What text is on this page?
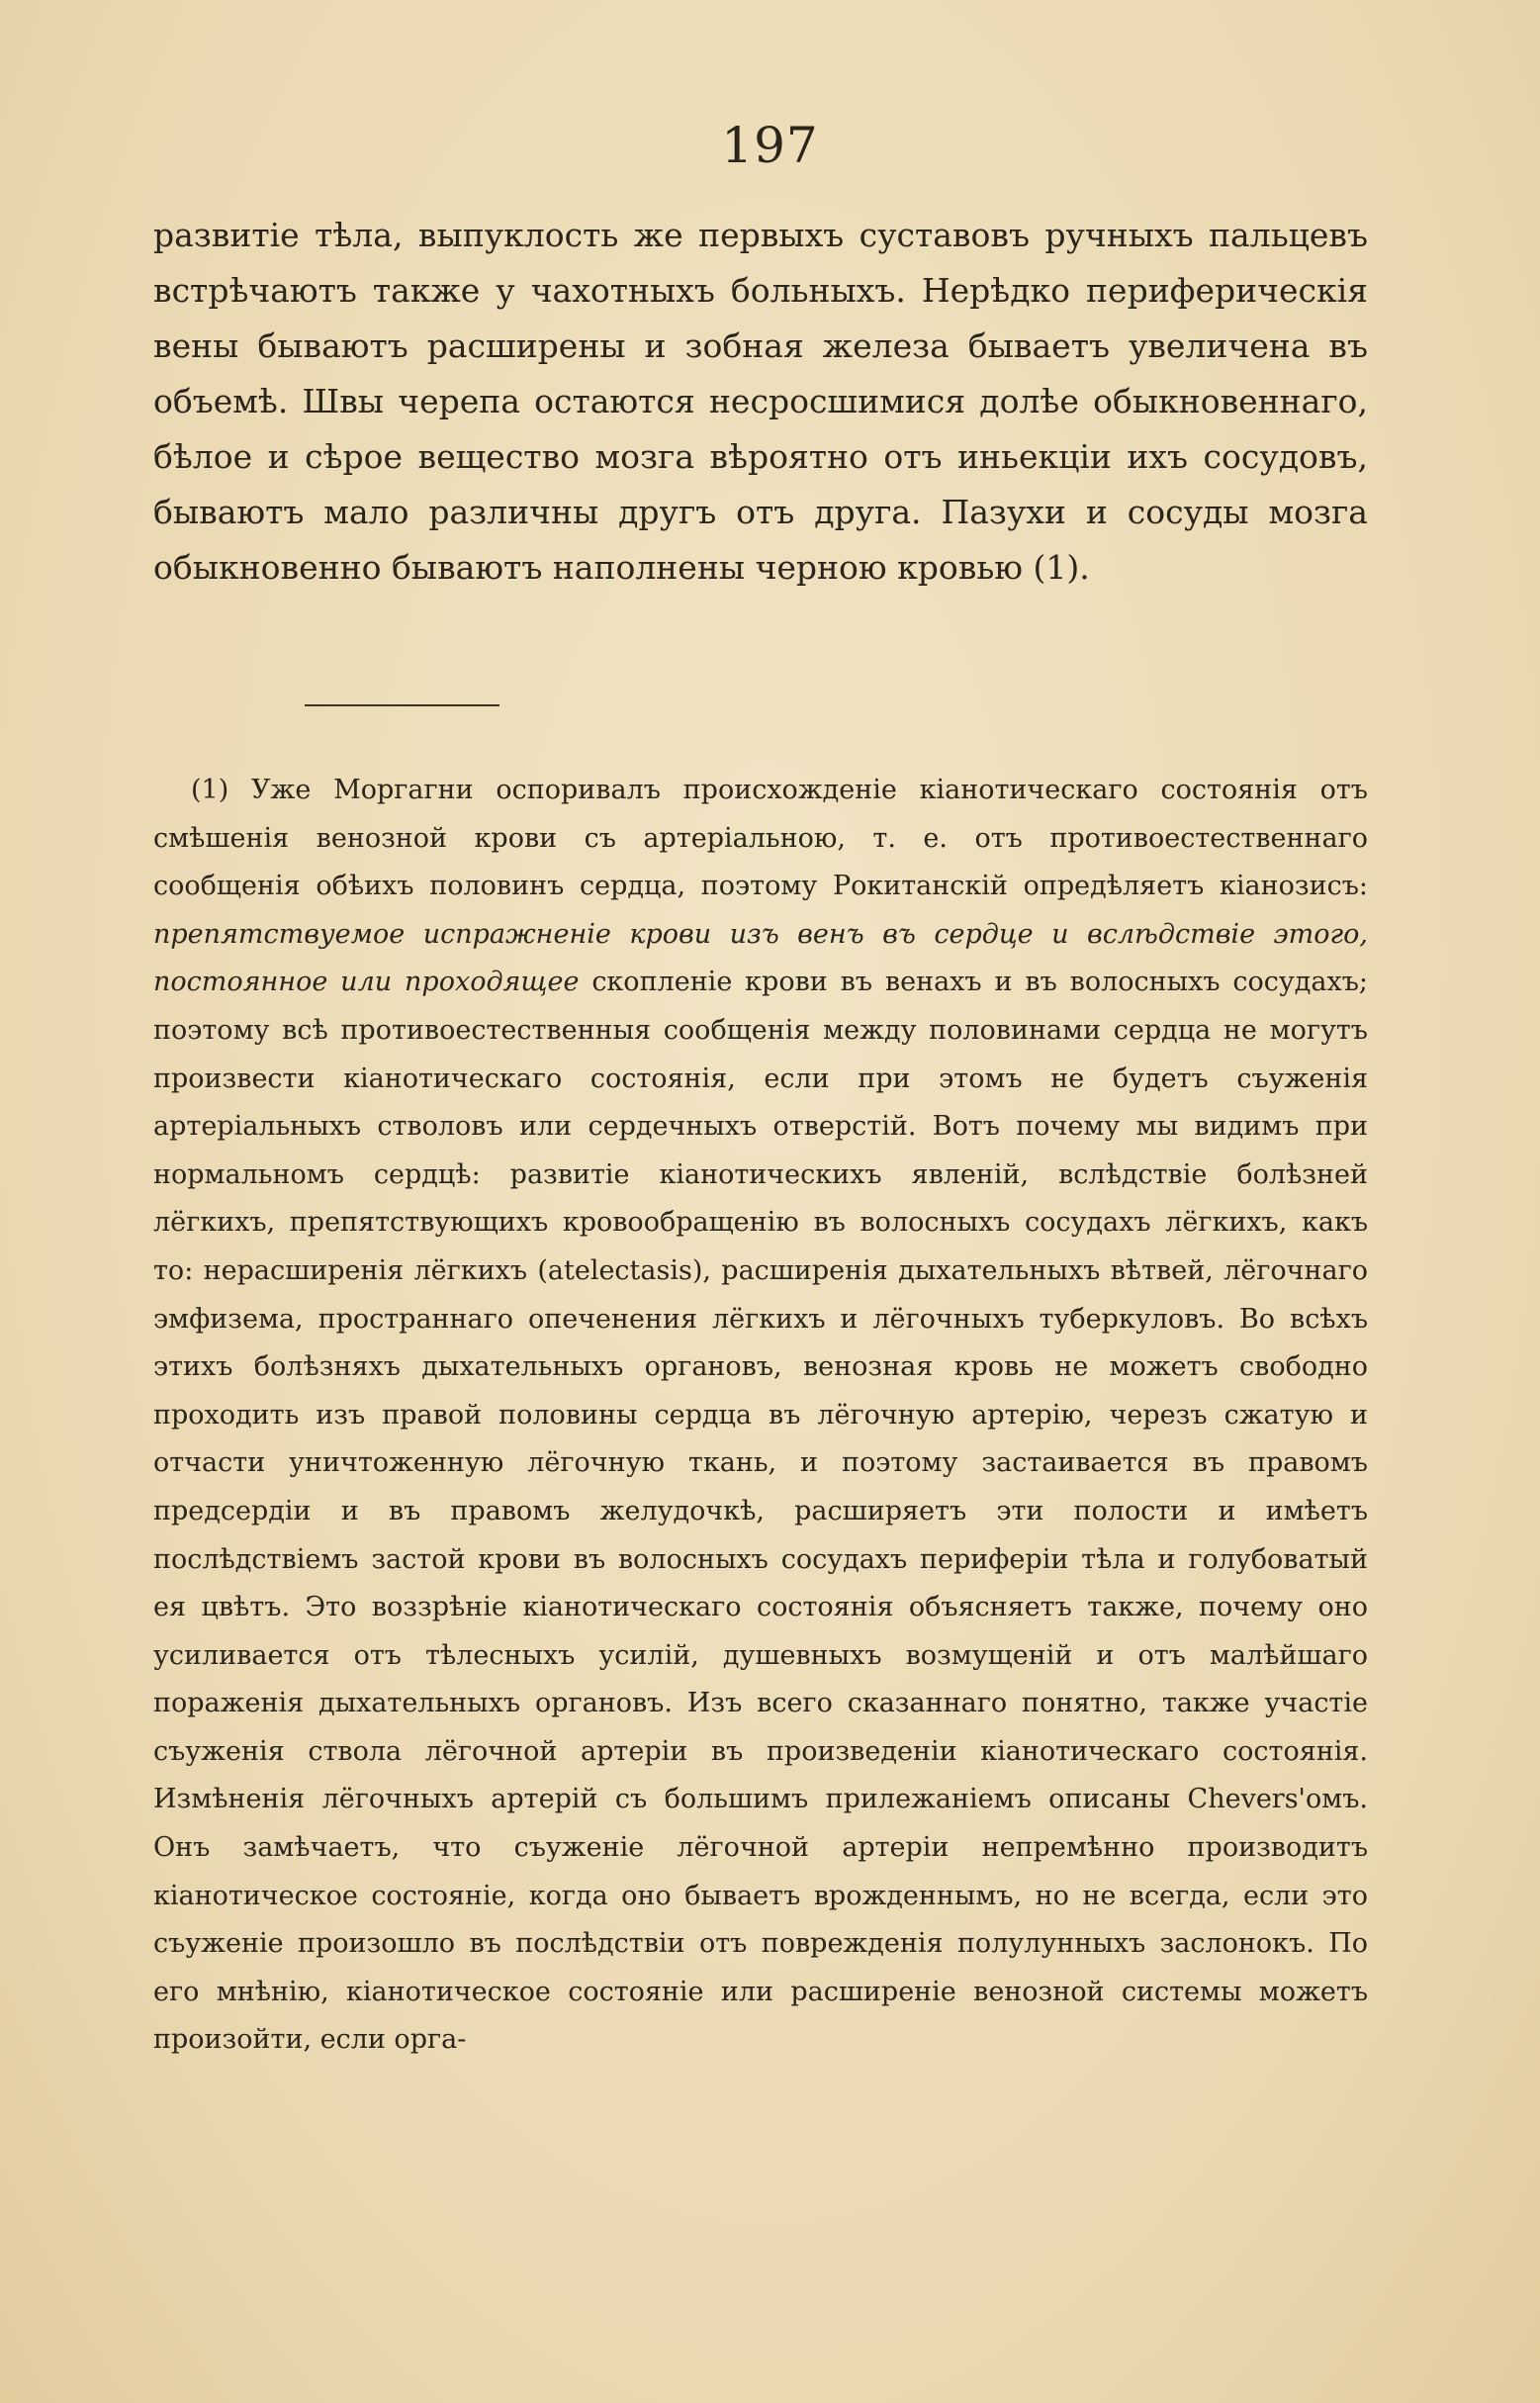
197

развитіе тѣла, выпуклость же первыхъ суставовъ ручныхъ пальцевъ встрѣчаютъ также у чахотныхъ больныхъ. Нерѣдко периферическія вены бываютъ расширены и зобная железа бываетъ увеличена въ объемѣ. Швы черепа остаются несросшимися долѣе обыкновеннаго, бѣлое и сѣрое вещество мозга вѣроятно отъ иньекціи ихъ сосудовъ, бываютъ мало различны другъ отъ друга. Пазухи и сосуды мозга обыкновенно бываютъ наполнены черною кровью (1).

(1) Уже Моргагни оспоривалъ происхожденіе кіанотическаго состоянія отъ смѣшенія венозной крови съ артеріальною, т. е. отъ противоестественнаго сообщенія обѣихъ половинъ сердца, поэтому Рокитанскій опредѣляетъ кіанозисъ: препятствуемое испражненіе крови изъ венъ въ сердце и вслѣдствіе этого, постоянное или проходящее скопленіе крови въ венахъ и въ волосныхъ сосудахъ; поэтому всѣ противоестественныя сообщенія между половинами сердца не могутъ произвести кіанотическаго состоянія, если при этомъ не будетъ съуженія артеріальныхъ стволовъ или сердечныхъ отверстій. Вотъ почему мы видимъ при нормальномъ сердцѣ: развитіе кіанотическихъ явленій, вслѣдствіе болѣзней лёгкихъ, препятствующихъ кровообращенію въ волосныхъ сосудахъ лёгкихъ, какъ то: нерасширенія лёгкихъ (atelectasis), расширенія дыхательныхъ вѣтвей, лёгочнаго эмфизема, пространнаго опеченения лёгкихъ и лёгочныхъ туберкуловъ. Во всѣхъ этихъ болѣзняхъ дыхательныхъ органовъ, венозная кровь не можетъ свободно проходить изъ правой половины сердца въ лёгочную артерію, черезъ сжатую и отчасти уничтоженную лёгочную ткань, и поэтому застаивается въ правомъ предсердіи и въ правомъ желудочкѣ, расширяетъ эти полости и имѣетъ послѣдствіемъ застой крови въ волосныхъ сосудахъ периферіи тѣла и голубоватый ея цвѣтъ. Это воззрѣніе кіанотическаго состоянія объясняетъ также, почему оно усиливается отъ тѣлесныхъ усилій, душевныхъ возмущеній и отъ малѣйшаго пораженія дыхательныхъ органовъ. Изъ всего сказаннаго понятно, также участіе съуженія ствола лёгочной артеріи въ произведеніи кіанотическаго состоянія. Измѣненія лёгочныхъ артерій съ большимъ прилежаніемъ описаны Chevers'омъ. Онъ замѣчаетъ, что съуженіе лёгочной артеріи непремѣнно производитъ кіанотическое состояніе, когда оно бываетъ врожденнымъ, но не всегда, если это съуженіе произошло въ послѣдствіи отъ поврежденія полулунныхъ заслонокъ. По его мнѣнію, кіанотическое состояніе или расширеніе венозной системы можетъ произойти, если орга-
